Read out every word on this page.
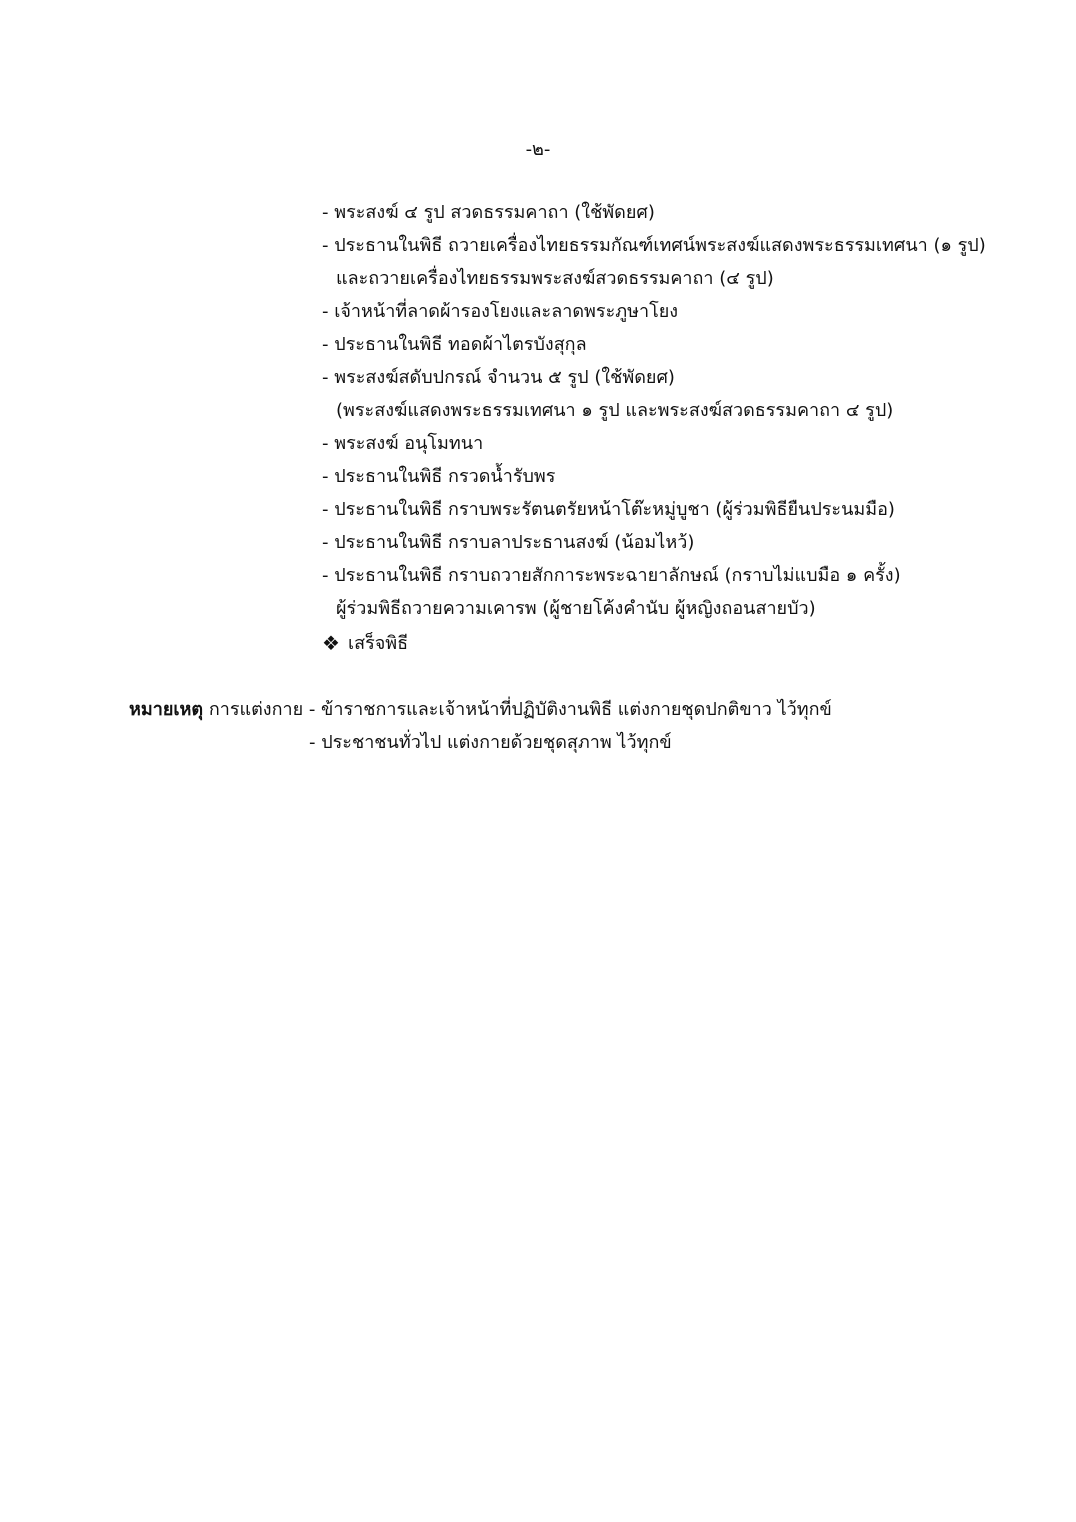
-๒-
- พระสงฆ์ ๔ รูป สวดธรรมคาถา (ใช้พัดยศ)
- ประธานในพิธี ถวายเครื่องไทยธรรมกัณฑ์เทศน์พระสงฆ์แสดงพระธรรมเทศนา (๑ รูป)
และถวายเครื่องไทยธรรมพระสงฆ์สวดธรรมคาถา (๔ รูป)
- เจ้าหน้าที่ลาดผ้ารองโยงและลาดพระภูษาโยง
- ประธานในพิธี ทอดผ้าไตรบังสุกุล
- พระสงฆ์สดับปกรณ์ จำนวน ๕ รูป (ใช้พัดยศ)
(พระสงฆ์แสดงพระธรรมเทศนา ๑ รูป และพระสงฆ์สวดธรรมคาถา ๔ รูป)
- พระสงฆ์ อนุโมทนา
- ประธานในพิธี กรวดน้ำรับพร
- ประธานในพิธี กราบพระรัตนตรัยหน้าโต๊ะหมู่บูชา (ผู้ร่วมพิธียืนประนมมือ)
- ประธานในพิธี กราบลาประธานสงฆ์ (น้อมไหว้)
- ประธานในพิธี กราบถวายสักการะพระฉายาลักษณ์ (กราบไม่แบมือ ๑ ครั้ง)
ผู้ร่วมพิธีถวายความเคารพ (ผู้ชายโค้งคำนับ ผู้หญิงถอนสายบัว)
❖ เสร็จพิธี
หมายเหตุ การแต่งกาย - ข้าราชการและเจ้าหน้าที่ปฏิบัติงานพิธี แต่งกายชุดปกติขาว ไว้ทุกข์
- ประชาชนทั่วไป แต่งกายด้วยชุดสุภาพ ไว้ทุกข์
